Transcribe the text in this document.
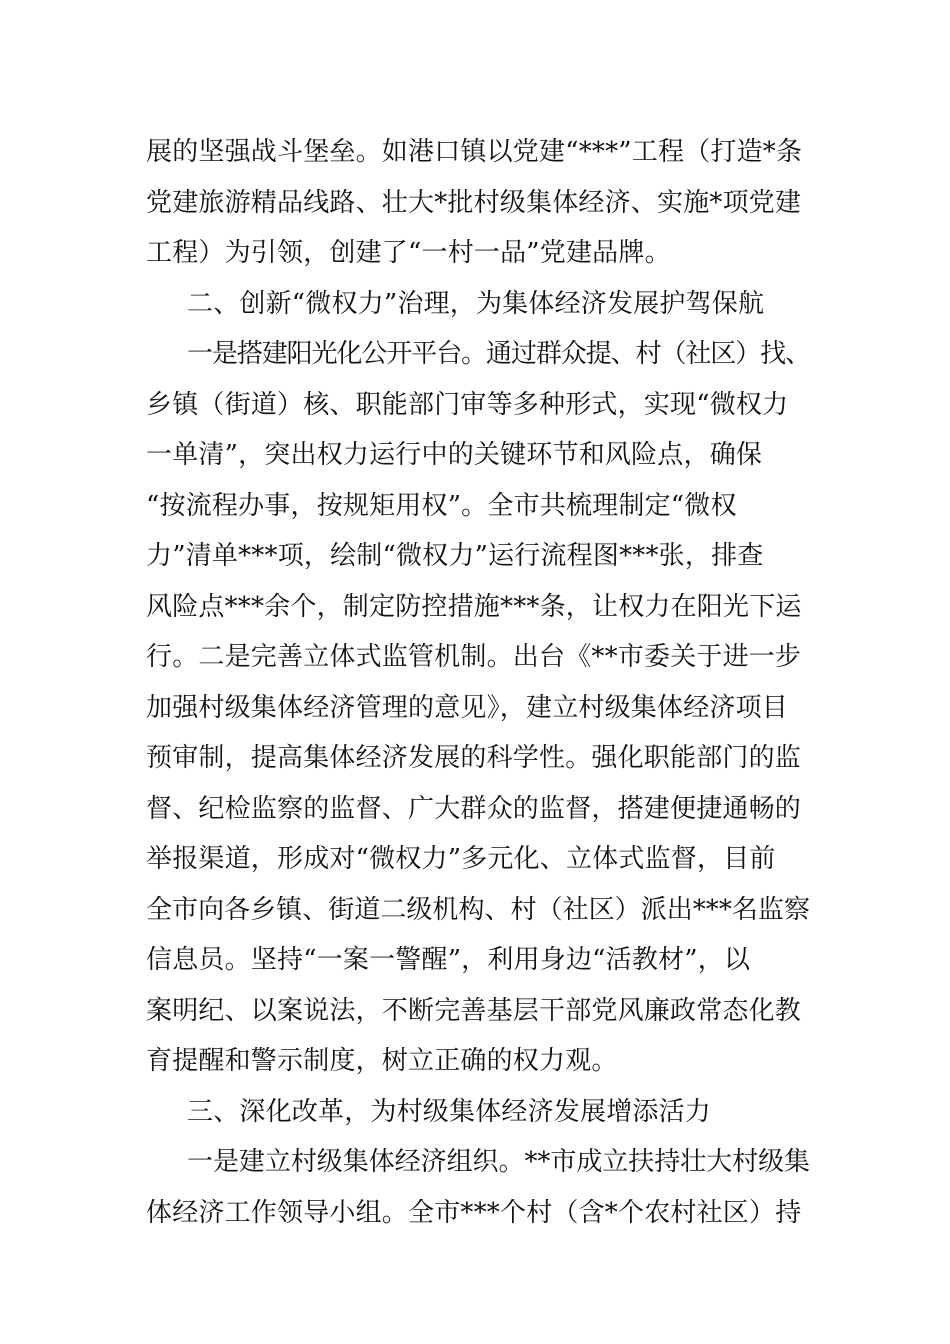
展的坚强战斗堡垒。如港口镇以党建“***”工程（打造*条
党建旅游精品线路、壮大*批村级集体经济、实施*项党建
工程）为引领，创建了“一村一品”党建品牌。
二、创新“微权力”治理，为集体经济发展护驾保航
一是搭建阳光化公开平台。通过群众提、村（社区）找、
乡镇（街道）核、职能部门审等多种形式，实现“微权力
一单清”，突出权力运行中的关键环节和风险点，确保
“按流程办事，按规矩用权”。全市共梳理制定“微权
力”清单***项，绘制“微权力”运行流程图***张，排查
风险点***余个，制定防控措施***条，让权力在阳光下运
行。二是完善立体式监管机制。出台《**市委关于进一步
加强村级集体经济管理的意见》，建立村级集体经济项目
预审制，提高集体经济发展的科学性。强化职能部门的监
督、纪检监察的监督、广大群众的监督，搭建便捷通畅的
举报渠道，形成对“微权力”多元化、立体式监督，目前
全市向各乡镇、街道二级机构、村（社区）派出***名监察
信息员。坚持“一案一警醒”，利用身边“活教材”，以
案明纪、以案说法，不断完善基层干部党风廉政常态化教
育提醒和警示制度，树立正确的权力观。
三、深化改革，为村级集体经济发展增添活力
一是建立村级集体经济组织。**市成立扶持壮大村级集
体经济工作领导小组。全市***个村（含*个农村社区）持
